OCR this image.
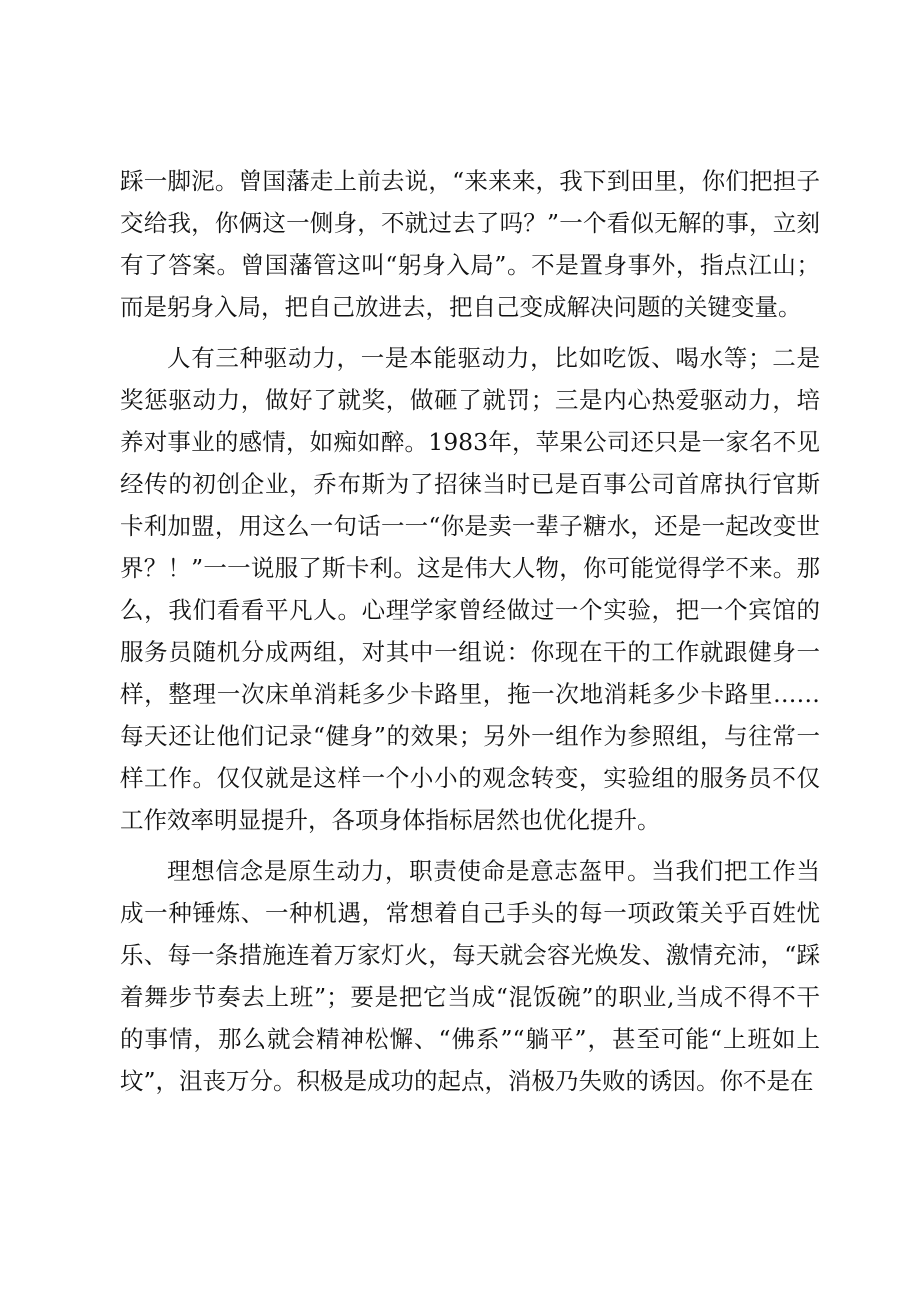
踩一脚泥。曾国藩走上前去说，“来来来，我下到田里，你们把担子交给我，你俩这一侧身，不就过去了吗？”一个看似无解的事，立刻有了答案。曾国藩管这叫“躬身入局”。不是置身事外，指点江山；而是躬身入局，把自己放进去，把自己变成解决问题的关键变量。

人有三种驱动力，一是本能驱动力，比如吃饭、喝水等；二是奖惩驱动力，做好了就奖，做砸了就罚；三是内心热爱驱动力，培养对事业的感情，如痴如醉。1983年，苹果公司还只是一家名不见经传的初创企业，乔布斯为了招徕当时已是百事公司首席执行官斯卡利加盟，用这么一句话一一“你是卖一辈子糖水，还是一起改变世界？！”一一说服了斯卡利。这是伟大人物，你可能觉得学不来。那么，我们看看平凡人。心理学家曾经做过一个实验，把一个宾馆的服务员随机分成两组，对其中一组说：你现在干的工作就跟健身一样，整理一次床单消耗多少卡路里，拖一次地消耗多少卡路里……每天还让他们记录“健身”的效果；另外一组作为参照组，与往常一样工作。仅仅就是这样一个小小的观念转变，实验组的服务员不仅工作效率明显提升，各项身体指标居然也优化提升。

理想信念是原生动力，职责使命是意志盔甲。当我们把工作当成一种锤炼、一种机遇，常想着自己手头的每一项政策关乎百姓忧乐、每一条措施连着万家灯火，每天就会容光焕发、激情充沛，“踩着舞步节奏去上班”；要是把它当成“混饭碗”的职业,当成不得不干的事情，那么就会精神松懈、“佛系”“躺平”，甚至可能“上班如上坟”，沮丧万分。积极是成功的起点，消极乃失败的诱因。你不是在
